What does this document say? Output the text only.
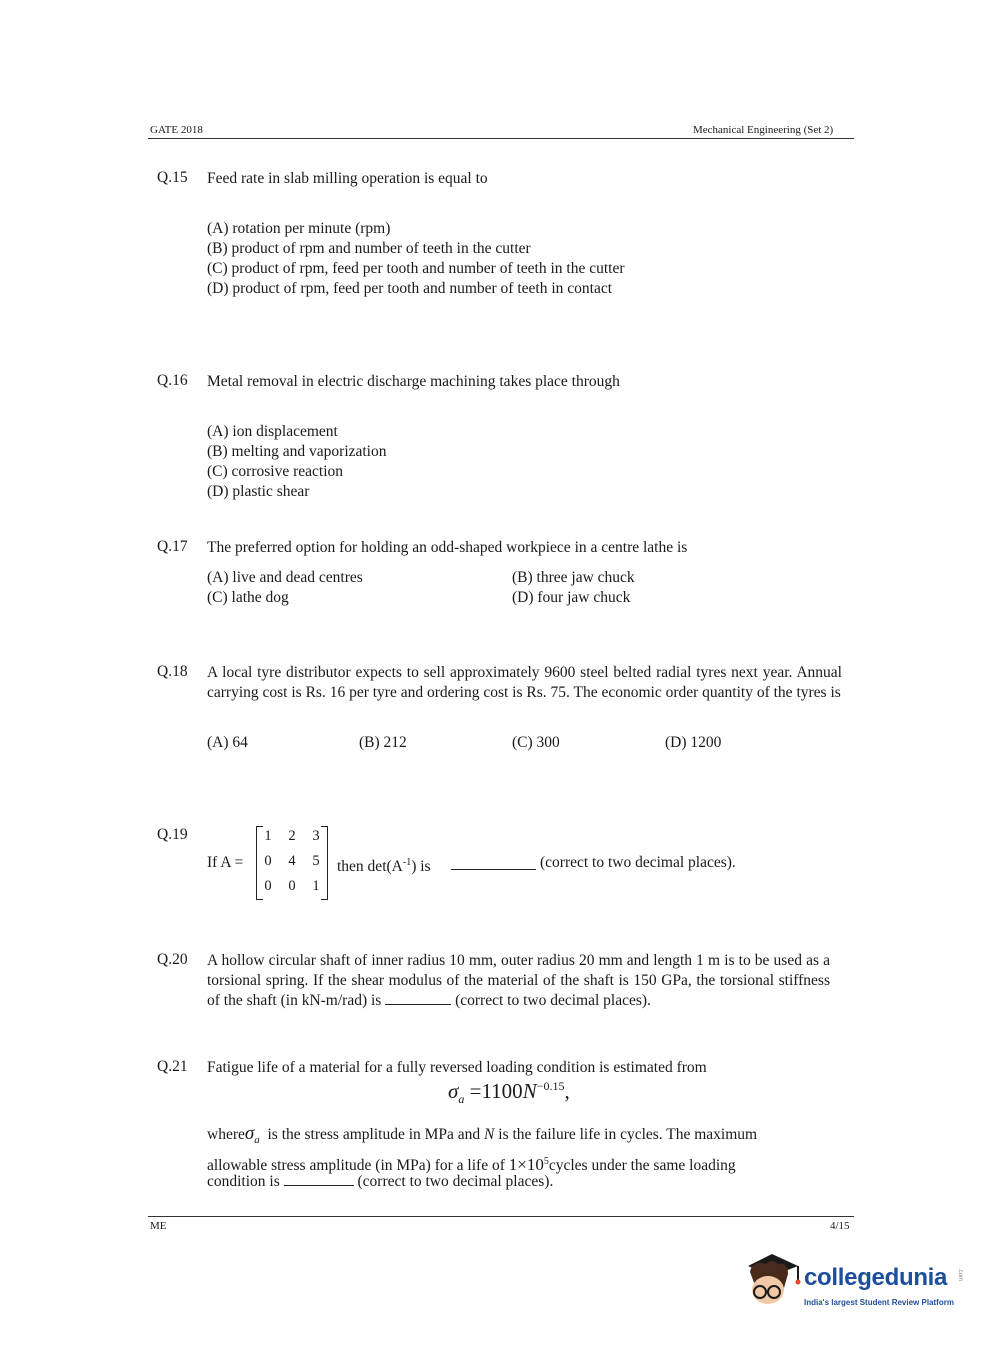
GATE 2018	Mechanical Engineering (Set 2)
Q.15 Feed rate in slab milling operation is equal to
(A) rotation per minute (rpm)
(B) product of rpm and number of teeth in the cutter
(C) product of rpm, feed per tooth and number of teeth in the cutter
(D) product of rpm, feed per tooth and number of teeth in contact
Q.16 Metal removal in electric discharge machining takes place through
(A) ion displacement
(B) melting and vaporization
(C) corrosive reaction
(D) plastic shear
Q.17 The preferred option for holding an odd-shaped workpiece in a centre lathe is
(A) live and dead centres	(B) three jaw chuck
(C) lathe dog	(D) four jaw chuck
Q.18 A local tyre distributor expects to sell approximately 9600 steel belted radial tyres next year. Annual carrying cost is Rs. 16 per tyre and ordering cost is Rs. 75. The economic order quantity of the tyres is
(A) 64	(B) 212	(C) 300	(D) 1200
Q.19
If A =
1	2	3
0	4	5
0	0	1
then $\det(A^{-1})$ is	(correct to two decimal places).
Q.20 A hollow circular shaft of inner radius 10 mm, outer radius 20 mm and length 1 m is to be used as a torsional spring. If the shear modulus of the material of the shaft is 150 GPa, the torsional stiffness of the shaft (in kN-m/rad) is	(correct to two decimal places).
Q.21 Fatigue life of a material for a fully reversed loading condition is estimated from
$\sigma_a =1100N^{-0.15}$,
whereσ$_a$ is the stress amplitude in MPa and N is the failure life in cycles. The maximum
allowable stress amplitude (in MPa) for a life of $1\times 10^5cycles$ under the same loading
condition is	(correct to two decimal places).
ME	4/15
collegedunia .com
India's largest Student Review Platform
